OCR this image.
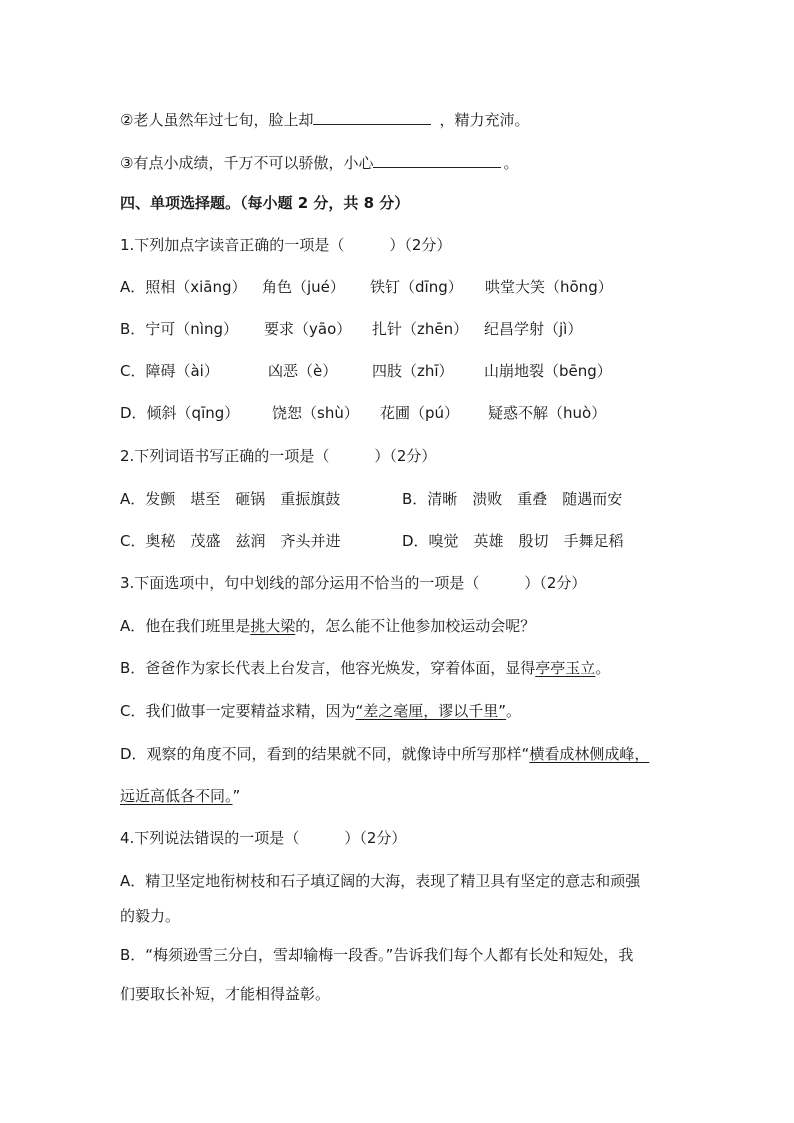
②老人虽然年过七旬，脸上却	，精力充沛。
③有点小成绩，千万不可以骄傲，小心	。
四、单项选择题。（每小题 2 分，共 8 分）
1.下列加点字读音正确的一项是（　　　）（2分）
A．照相（xiāng） 角色（jué） 铁钉（dīng） 哄堂大笑（hōng）
B．宁可（nìng） 要求（yāo） 扎针（zhēn） 纪昌学射（jì）
C．障碍（ài）	凶恶（è） 四肢（zhī） 山崩地裂（bēng）
D．倾斜（qīng） 饶恕（shù） 花圃（pú） 疑惑不解（huò）
2.下列词语书写正确的一项是（　　　）（2分）
A．发颤　堪至　砸锅　重振旗鼓	B．清晰　溃败　重叠　随遇而安
C．奥秘　茂盛　兹润　齐头并进	D．嗅觉　英雄　殷切　手舞足稻
3.下面选项中，句中划线的部分运用不恰当的一项是（　　　）（2分）
A．他在我们班里是挑大梁的，怎么能不让他参加校运动会呢？
B．爸爸作为家长代表上台发言，他容光焕发，穿着体面，显得亭亭玉立。
C．我们做事一定要精益求精，因为“差之毫厘，谬以千里”。
D．观察的角度不同，看到的结果就不同，就像诗中所写那样“横看成林侧成峰，
远近高低各不同。”
4.下列说法错误的一项是（　　　）（2分）
A．精卫坚定地衔树枝和石子填辽阔的大海，表现了精卫具有坚定的意志和顽强
的毅力。
B．“梅须逊雪三分白，雪却输梅一段香。”告诉我们每个人都有长处和短处，我
们要取长补短，才能相得益彰。
